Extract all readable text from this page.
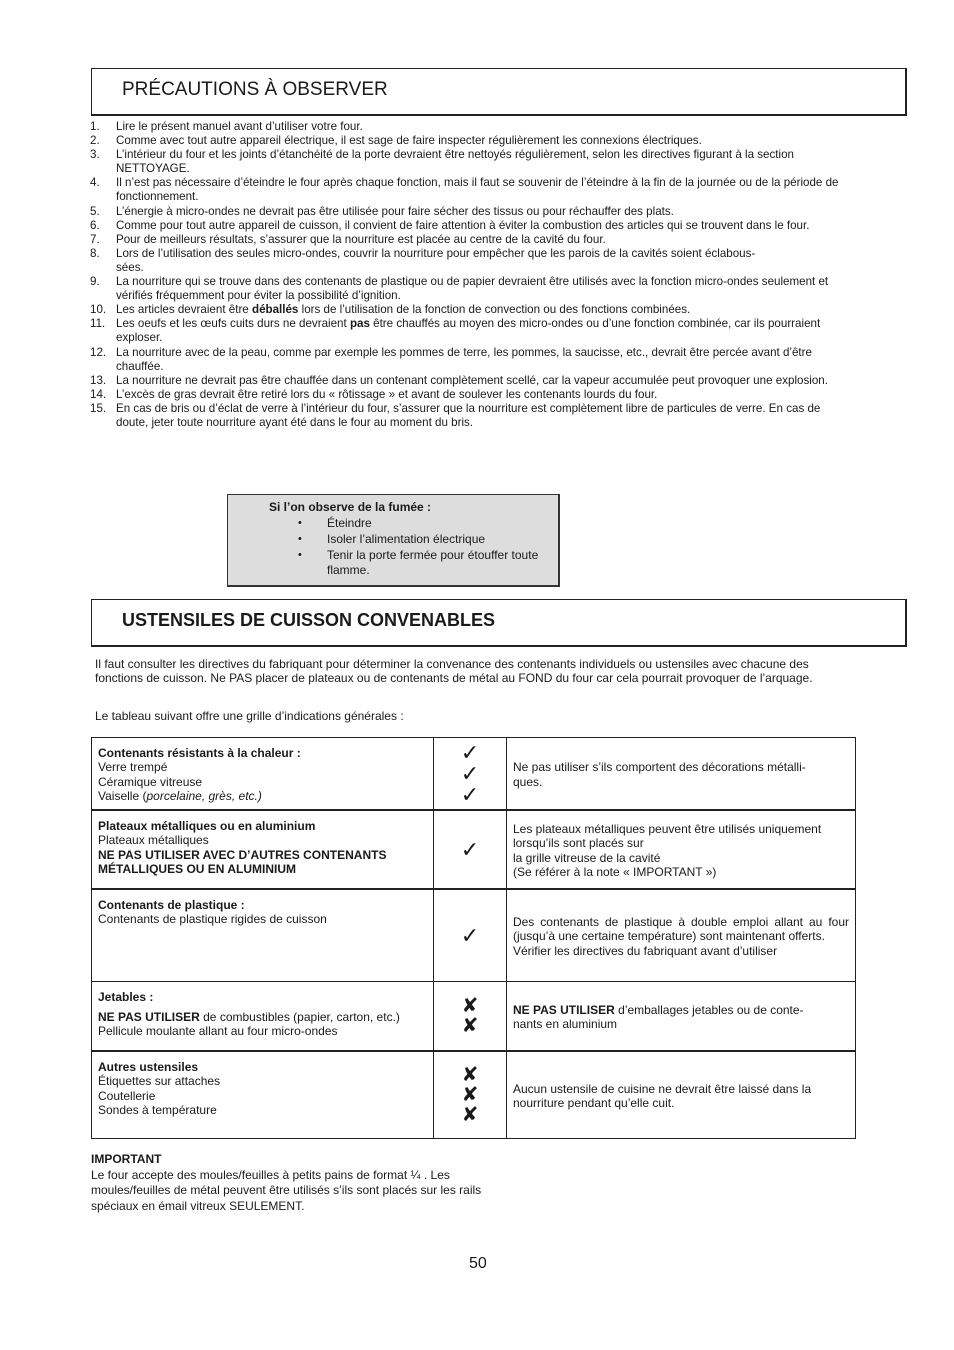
PRÉCAUTIONS À OBSERVER
1. Lire le présent manuel avant d’utiliser votre four.
2. Comme avec tout autre appareil électrique, il est sage de faire inspecter régulièrement les connexions électriques.
3. L’intérieur du four et les joints d’étanchéité de la porte devraient être nettoyés régulièrement, selon les directives figurant à la section NETTOYAGE.
4. Il n’est pas nécessaire d’éteindre le four après chaque fonction, mais il faut se souvenir de l’éteindre à la fin de la journée ou de la période de fonctionnement.
5. L’énergie à micro-ondes ne devrait pas être utilisée pour faire sécher des tissus ou pour réchauffer des plats.
6. Comme pour tout autre appareil de cuisson, il convient de faire attention à éviter la combustion des articles qui se trouvent dans le four.
7. Pour de meilleurs résultats, s’assurer que la nourriture est placée au centre de la cavité du four.
8. Lors de l’utilisation des seules micro-ondes, couvrir la nourriture pour empêcher que les parois de la cavités soient éclabous-
sées.
9. La nourriture qui se trouve dans des contenants de plastique ou de papier devraient être utilisés avec la fonction micro-ondes seulement et vérifiés fréquemment pour éviter la possibilité d’ignition.
10. Les articles devraient être déballés lors de l’utilisation de la fonction de convection ou des fonctions combinées.
11. Les oeufs et les œufs cuits durs ne devraient pas être chauffés au moyen des micro-ondes ou d’une fonction combinée, car ils pourraient exploser.
12. La nourriture avec de la peau, comme par exemple les pommes de terre, les pommes, la saucisse, etc., devrait être percée avant d’être chauffée.
13. La nourriture ne devrait pas être chauffée dans un contenant complètement scellé, car la vapeur accumulée peut provoquer une explosion.
14. L’excès de gras devrait être retiré lors du « rôtissage » et avant de soulever les contenants lourds du four.
15. En cas de bris ou d’éclat de verre à l’intérieur du four, s’assurer que la nourriture est complètement libre de particules de verre. En cas de doute, jeter toute nourriture ayant été dans le four au moment du bris.
Si l’on observe de la fumée :
• Éteindre
• Isoler l’alimentation électrique
• Tenir la porte fermée pour étouffer toute flamme.
USTENSILES DE CUISSON CONVENABLES

Il faut consulter les directives du fabriquant pour déterminer la convenance des contenants individuels ou ustensiles avec chacune des fonctions de cuisson. Ne PAS placer de plateaux ou de contenants de métal au FOND du four car cela pourrait provoquer de l’arquage.

Le tableau suivant offre une grille d’indications générales :

Contenants résistants à la chaleur :
Verre trempé
Céramique vitreuse
Vaiselle (porcelaine, grès, etc.)	✓
✓
✓	Ne pas utiliser s’ils comportent des décorations métalli-
ques.
Plateaux métalliques ou en aluminium
Plateaux métalliques
NE PAS UTILISER AVEC D’AUTRES CONTENANTS MÉTALLIQUES OU EN ALUMINIUM	✓	Les plateaux métalliques peuvent être utilisés uniquement lorsqu’ils sont placés sur
la grille vitreuse de la cavité
(Se référer à la note « IMPORTANT »)
Contenants de plastique :
Contenants de plastique rigides de cuisson	✓	Des contenants de plastique à double emploi allant au four (jusqu’à une certaine température) sont maintenant offerts.
Vérifier les directives du fabriquant avant d’utiliser
Jetables :
NE PAS UTILISER de combustibles (papier, carton, etc.)
Pellicule moulante allant au four micro-ondes	✘
✘	NE PAS UTILISER d’emballages jetables ou de conte-
nants en aluminium
Autres ustensiles
Étiquettes sur attaches
Coutellerie
Sondes à température	✘
✘
✘	Aucun ustensile de cuisine ne devrait être laissé dans la nourriture pendant qu’elle cuit.
IMPORTANT
Le four accepte des moules/feuilles à petits pains de format ¼ . Les moules/feuilles de métal peuvent être utilisés s’ils sont placés sur les rails spéciaux en émail vitreux SEULEMENT.
50
